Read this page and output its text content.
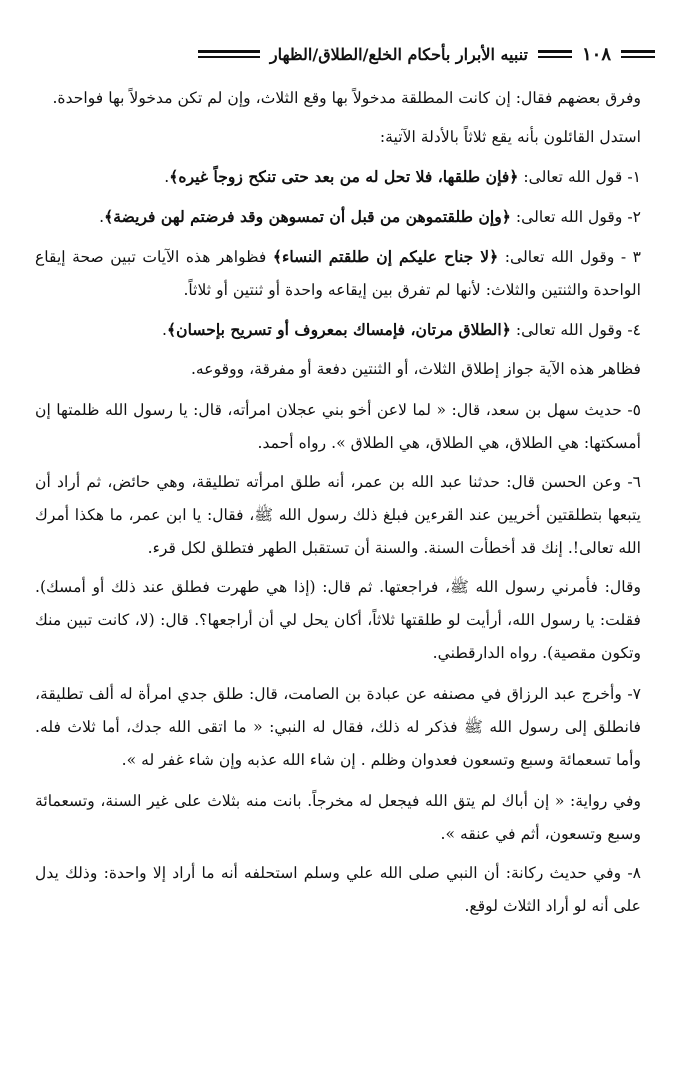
١٠٨
تنبيه الأبرار بأحكام الخلع/الطلاق/الظهار

وفرق بعضهم فقال: إن كانت المطلقة مدخولاً بها وقع الثلاث، وإن لم تكن مدخولاً بها فواحدة.

استدل القائلون بأنه يقع ثلاثاً بالأدلة الآتية:

١- قول الله تعالى: ﴿فإن طلقها، فلا تحل له من بعد حتى تنكح زوجاً غيره﴾.

٢- وقول الله تعالى: ﴿وإن طلقتموهن من قبل أن تمسوهن وقد فرضتم لهن فريضة﴾.

٣ - وقول الله تعالى: ﴿لا جناح عليكم إن طلقتم النساء﴾ فظواهر هذه الآيات تبين صحة إيقاع الواحدة والثنتين والثلاث: لأنها لم تفرق بين إيقاعه واحدة أو ثنتين أو ثلاثاً.

٤- وقول الله تعالى: ﴿الطلاق مرتان، فإمساك بمعروف أو تسريح بإحسان﴾.

فظاهر هذه الآية جواز إطلاق الثلاث، أو الثنتين دفعة أو مفرقة، ووقوعه.

٥- حديث سهل بن سعد، قال: « لما لاعن أخو بني عجلان امرأته، قال: يا رسول الله ظلمتها إن أمسكتها: هي الطلاق، هي الطلاق، هي الطلاق ». رواه أحمد.

٦- وعن الحسن قال: حدثنا عبد الله بن عمر، أنه طلق امرأته تطليقة، وهي حائض، ثم أراد أن يتبعها بتطلقتين أخريين عند القرءين فبلغ ذلك رسول الله ﷺ، فقال: يا ابن عمر، ما هكذا أمرك الله تعالى!. إنك قد أخطأت السنة. والسنة أن تستقبل الطهر فتطلق لكل قرء.

وقال: فأمرني رسول الله ﷺ، فراجعتها. ثم قال: (إذا هي طهرت فطلق عند ذلك أو أمسك). فقلت: يا رسول الله، أرأيت لو طلقتها ثلاثاً، أكان يحل لي أن أراجعها؟. قال: (لا، كانت تبين منك وتكون مقصية). رواه الدارقطني.

٧- وأخرج عبد الرزاق في مصنفه عن عبادة بن الصامت، قال: طلق جدي امرأة له ألف تطليقة، فانطلق إلى رسول الله ﷺ فذكر له ذلك، فقال له النبي: « ما اتقى الله جدك، أما ثلاث فله. وأما تسعمائة وسبع وتسعون فعدوان وظلم . إن شاء الله عذبه وإن شاء غفر له ».

وفي رواية: « إن أباك لم يتق الله فيجعل له مخرجاً. بانت منه بثلاث على غير السنة، وتسعمائة وسبع وتسعون، أثم في عنقه ».

٨- وفي حديث ركانة: أن النبي صلى الله علي وسلم استحلفه أنه ما أراد إلا واحدة: وذلك يدل على أنه لو أراد الثلاث لوقع.
